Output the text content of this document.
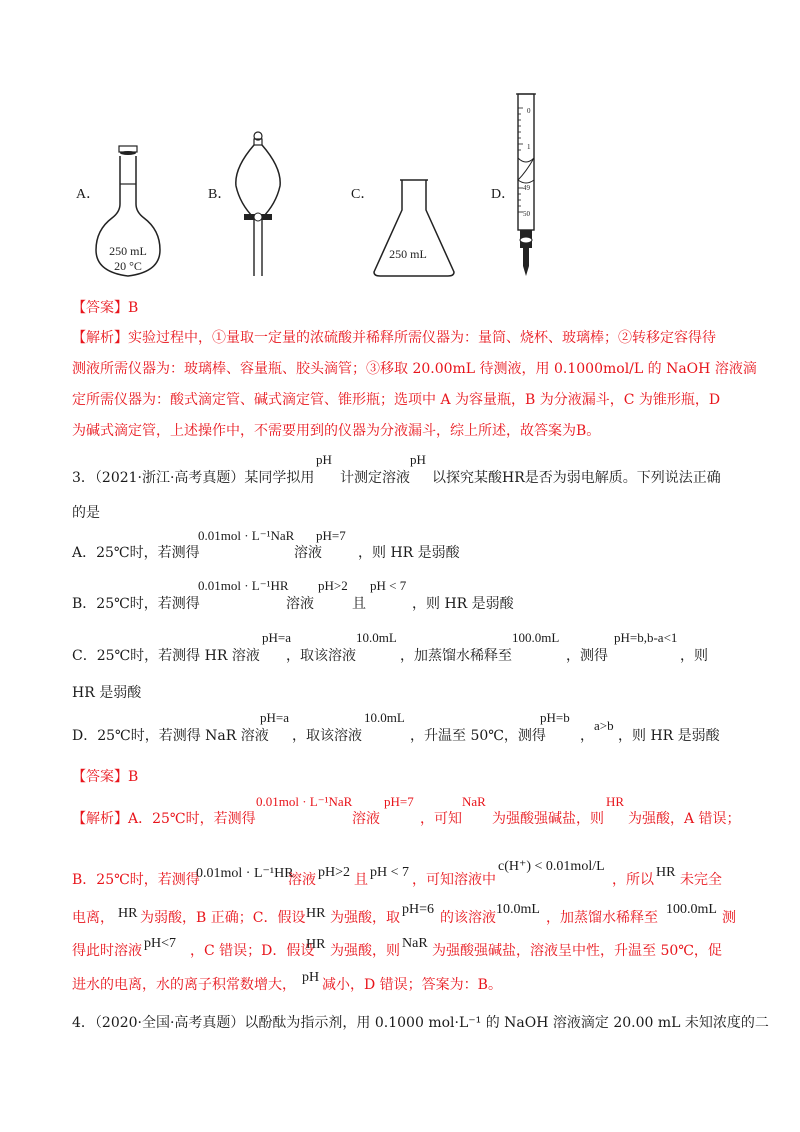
A．	B．	C．	D．
250 mL
20 °C
250 mL
0
1
49
50
【答案】B
【解析】实验过程中，①量取一定量的浓硫酸并稀释所需仪器为：量筒、烧杯、玻璃棒；②转移定容得待
测液所需仪器为：玻璃棒、容量瓶、胶头滴管；③移取 20.00mL 待测液，用 0.1000mol/L 的 NaOH 溶液滴
定所需仪器为：酸式滴定管、碱式滴定管、锥形瓶；选项中 A 为容量瓶，B 为分液漏斗，C 为锥形瓶，D
为碱式滴定管，上述操作中，不需要用到的仪器为分液漏斗，综上所述，故答案为B。
3．（2021·浙江·高考真题）某同学拟用
pH
计测定溶液
pH
以探究某酸HR是否为弱电解质。下列说法正确
的是
A．25℃时，若测得
0.01mol · L⁻¹NaR
溶液
pH=7
，则 HR 是弱酸
B．25℃时，若测得
0.01mol · L⁻¹HR
溶液
pH>2
且
pH < 7
，则 HR 是弱酸
C．25℃时，若测得 HR 溶液
pH=a
，取该溶液
10.0mL
，加蒸馏水稀释至
100.0mL
，测得
pH=b,b-a<1
，则
HR 是弱酸
D．25℃时，若测得 NaR 溶液
pH=a
，取该溶液
10.0mL
，升温至 50℃，测得
pH=b
，
a>b
，则 HR 是弱酸
【答案】B
【解析】A．25℃时，若测得
0.01mol · L⁻¹NaR
溶液
pH=7
，可知
NaR
为强酸强碱盐，则
HR
为强酸，A 错误；
B．25℃时，若测得
0.01mol · L⁻¹HR
溶液 pH>2 且 pH < 7 ，可知溶液中
c(H⁺) < 0.01mol/L
，所以 HR 未完全
电离， HR 为弱酸，B 正确；C．假设 HR 为强酸，取
pH=6
的该溶液
10.0mL
，加蒸馏水稀释至
100.0mL
测
得此时溶液 pH<7 ，C 错误；D．假设
HR 为强酸，则 NaR 为强酸强碱盐，溶液呈中性，升温至 50℃，促
进水的电离，水的离子积常数增大， pH 减小，D 错误；答案为：B。
4．（2020·全国·高考真题）以酚酞为指示剂，用 0.1000 mol·L⁻¹ 的 NaOH 溶液滴定 20.00 mL 未知浓度的二
